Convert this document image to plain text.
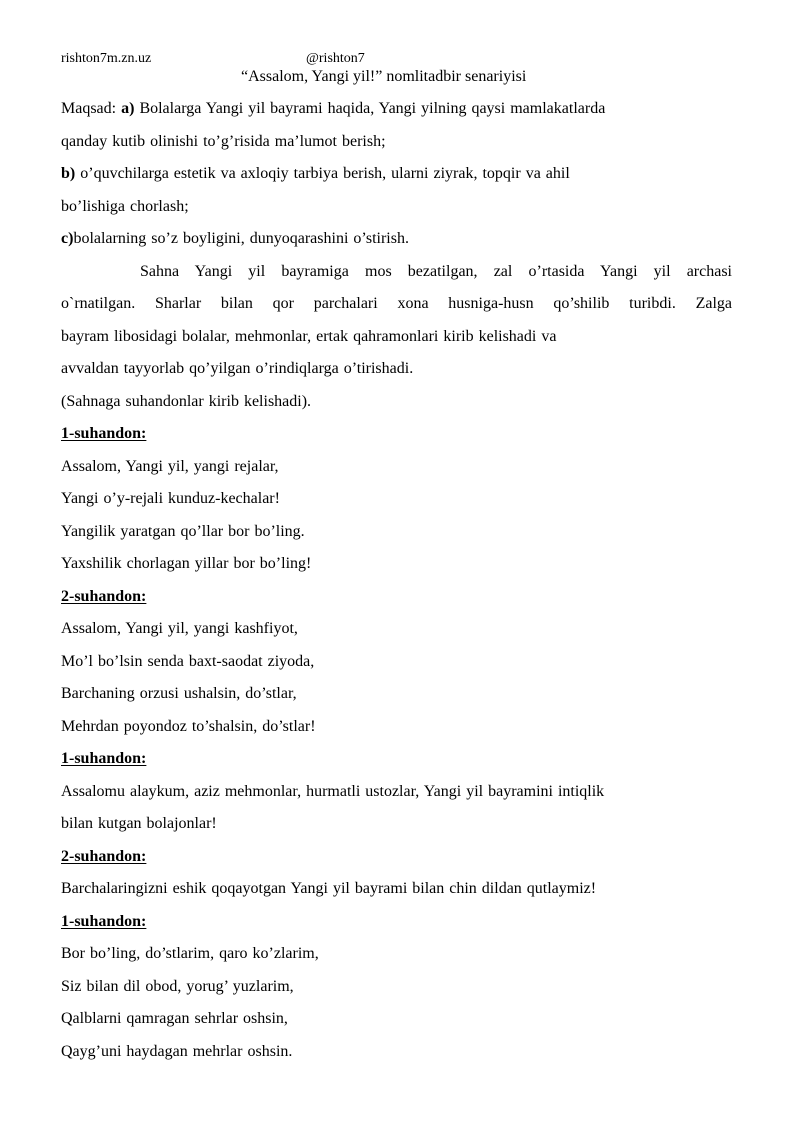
rishton7m.zn.uz	@rishton7
“Assalom, Yangi yil!” nomlitadbir senariyisi
Maqsad: a) Bolalarga Yangi yil bayrami haqida, Yangi yilning qaysi mamlakatlarda
qanday kutib olinishi to’g’risida ma’lumot berish;
b) o’quvchilarga estetik va axloqiy tarbiya berish, ularni ziyrak, topqir va ahil
bo’lishiga chorlash;
c)bolalarning so’z boyligini, dunyoqarashini o’stirish.
Sahna Yangi yil bayramiga mos bezatilgan, zal o’rtasida Yangi yil archasi
o`rnatilgan. Sharlar bilan qor parchalari xona husniga-husn qo’shilib turibdi. Zalga
bayram libosidagi bolalar, mehmonlar, ertak qahramonlari kirib kelishadi va
avvaldan tayyorlab qo’yilgan o’rindiqlarga o’tirishadi.
(Sahnaga suhandonlar kirib kelishadi).
1-suhandon:
Assalom, Yangi yil, yangi rejalar,
Yangi o’y-rejali kunduz-kechalar!
Yangilik yaratgan qo’llar bor bo’ling.
Yaxshilik chorlagan yillar bor bo’ling!
2-suhandon:
Assalom, Yangi yil, yangi kashfiyot,
Mo’l bo’lsin senda baxt-saodat ziyoda,
Barchaning orzusi ushalsin, do’stlar,
Mehrdan poyondoz to’shalsin, do’stlar!
1-suhandon:
Assalomu alaykum, aziz mehmonlar, hurmatli ustozlar, Yangi yil bayramini intiqlik
bilan kutgan bolajonlar!
2-suhandon:
Barchalaringizni eshik qoqayotgan Yangi yil bayrami bilan chin dildan qutlaymiz!
1-suhandon:
Bor bo’ling, do’stlarim, qaro ko’zlarim,
Siz bilan dil obod, yorug’ yuzlarim,
Qalblarni qamragan sehrlar oshsin,
Qayg’uni haydagan mehrlar oshsin.
